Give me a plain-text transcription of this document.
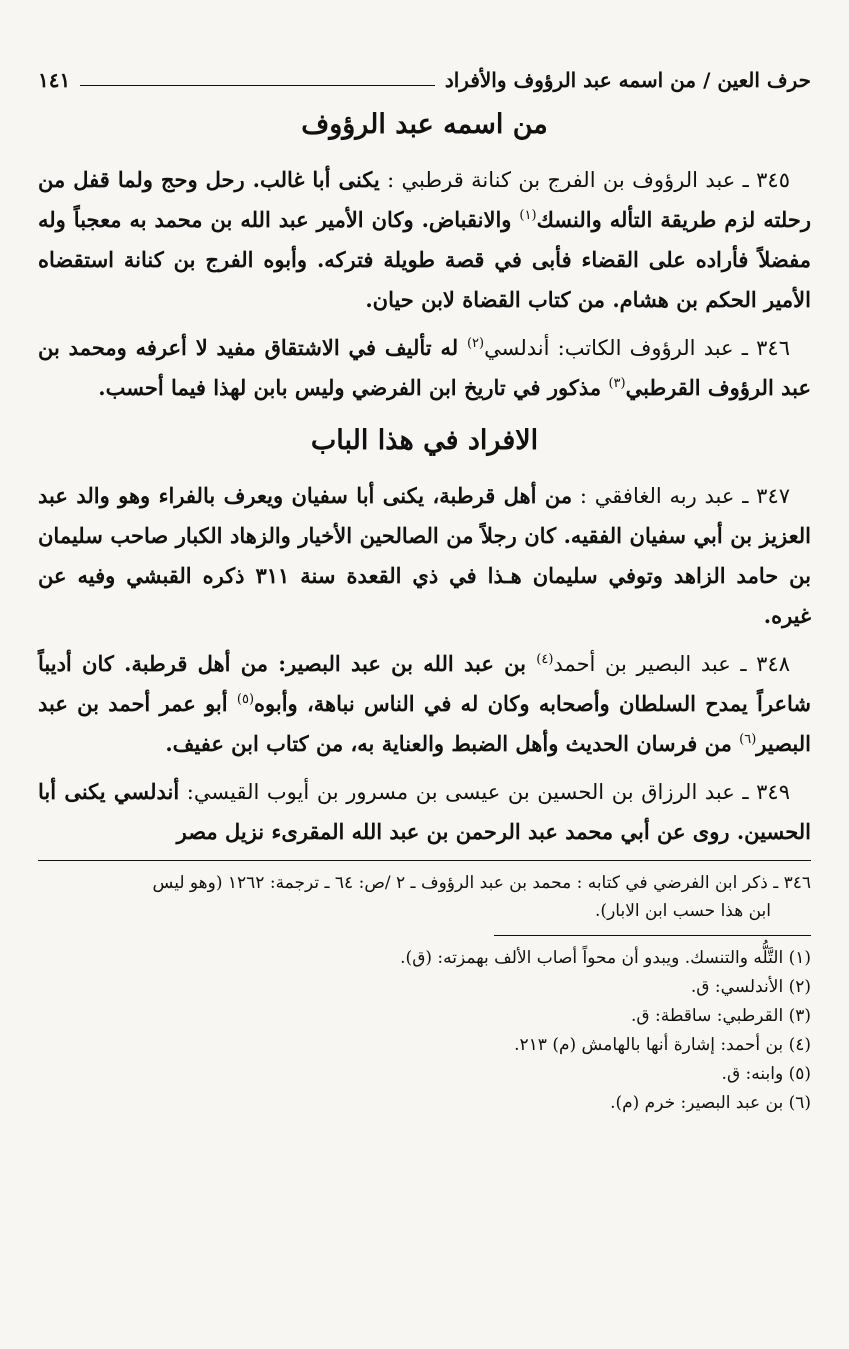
حرف العين / من اسمه عبد الرؤوف والأفراد
١٤١
من اسمه عبد الرؤوف

 ٣٤٥ ـ عبد الرؤوف بن الفرج بن كنانة قرطبي : يكنى أبا غالب. رحل وحج ولما قفل من رحلته لزم طريقة التأله والنسك$^{(١)}$ والانقباض. وكان الأمير عبد الله بن محمد به معجباً وله مفضلاً فأراده على القضاء فأبى في قصة طويلة فتركه. وأبوه الفرج بن كنانة استقضاه الأمير الحكم بن هشام. من كتاب القضاة لابن حيان.

 ٣٤٦ ـ عبد الرؤوف الكاتب: أندلسي$^{(٢)}$ له تأليف في الاشتقاق مفيد لا أعرفه ومحمد بن عبد الرؤوف القرطبي$^{(٣)}$ مذكور في تاريخ ابن الفرضي وليس بابن لهذا فيما أحسب.

الافراد في هذا الباب

 ٣٤٧ ـ عبد ربه الغافقي : من أهل قرطبة، يكنى أبا سفيان ويعرف بالفراء وهو والد عبد العزيز بن أبي سفيان الفقيه. كان رجلاً من الصالحين الأخيار والزهاد الكبار صاحب سليمان بن حامد الزاهد وتوفي سليمان هـذا في ذي القعدة سنة ٣١١ ذكره القبشي وفيه عن غيره.

 ٣٤٨ ـ عبد البصير بن أحمد$^{(٤)}$ بن عبد الله بن عبد البصير: من أهل قرطبة. كان أديباً شاعراً يمدح السلطان وأصحابه وكان له في الناس نباهة، وأبوه$^{(٥)}$ أبو عمر أحمد بن عبد البصير$^{(٦)}$ من فرسان الحديث وأهل الضبط والعناية به، من كتاب ابن عفيف.

 ٣٤٩ ـ عبد الرزاق بن الحسين بن عيسى بن مسرور بن أيوب القيسي: أندلسي يكنى أبا الحسين. روى عن أبي محمد عبد الرحمن بن عبد الله المقرىء نزيل مصر

٣٤٦ ـ ذكر ابن الفرضي في كتابه : محمد بن عبد الرؤوف ـ ٢ /ص: ٦٤ ـ ترجمة: ١٢٦٢ (وهو ليس
ابن هذا حسب ابن الابار).
(١) التَّلُّه والتنسك. ويبدو أن محواً أصاب الألف بهمزته: (ق).
(٢) الأندلسي: ق.
(٣) القرطبي: ساقطة: ق.
(٤) بن أحمد: إشارة أنها بالهامش (م) ٢١٣.
(٥) وابنه: ق.
(٦) بن عبد البصير: خرم (م).
